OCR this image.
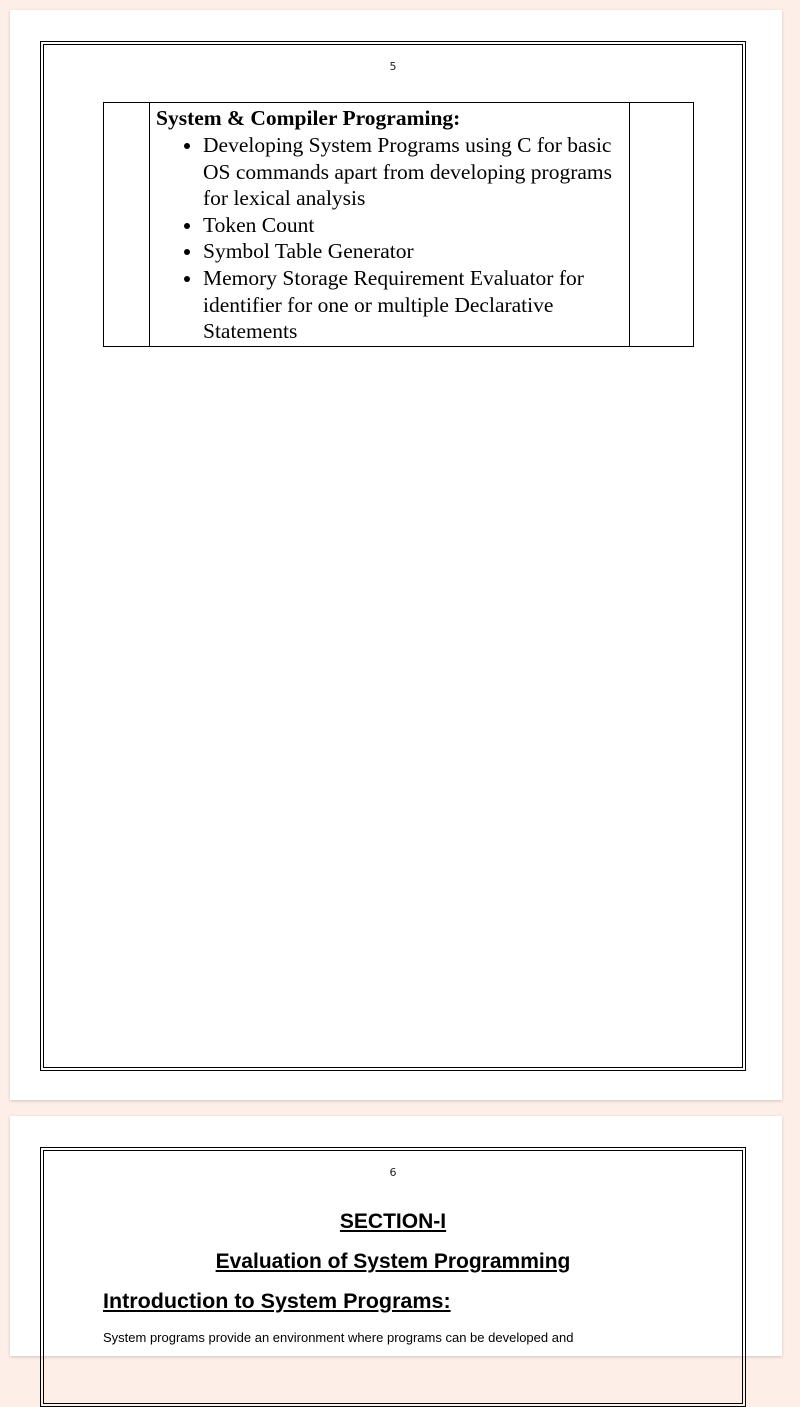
5

System & Compiler Programing:
• Developing System Programs using C for basic OS commands apart from developing programs for lexical analysis
• Token Count
• Symbol Table Generator
• Memory Storage Requirement Evaluator for identifier for one or multiple Declarative Statements

6
SECTION-I
Evaluation of System Programming
Introduction to System Programs:
System programs provide an environment where programs can be developed and
